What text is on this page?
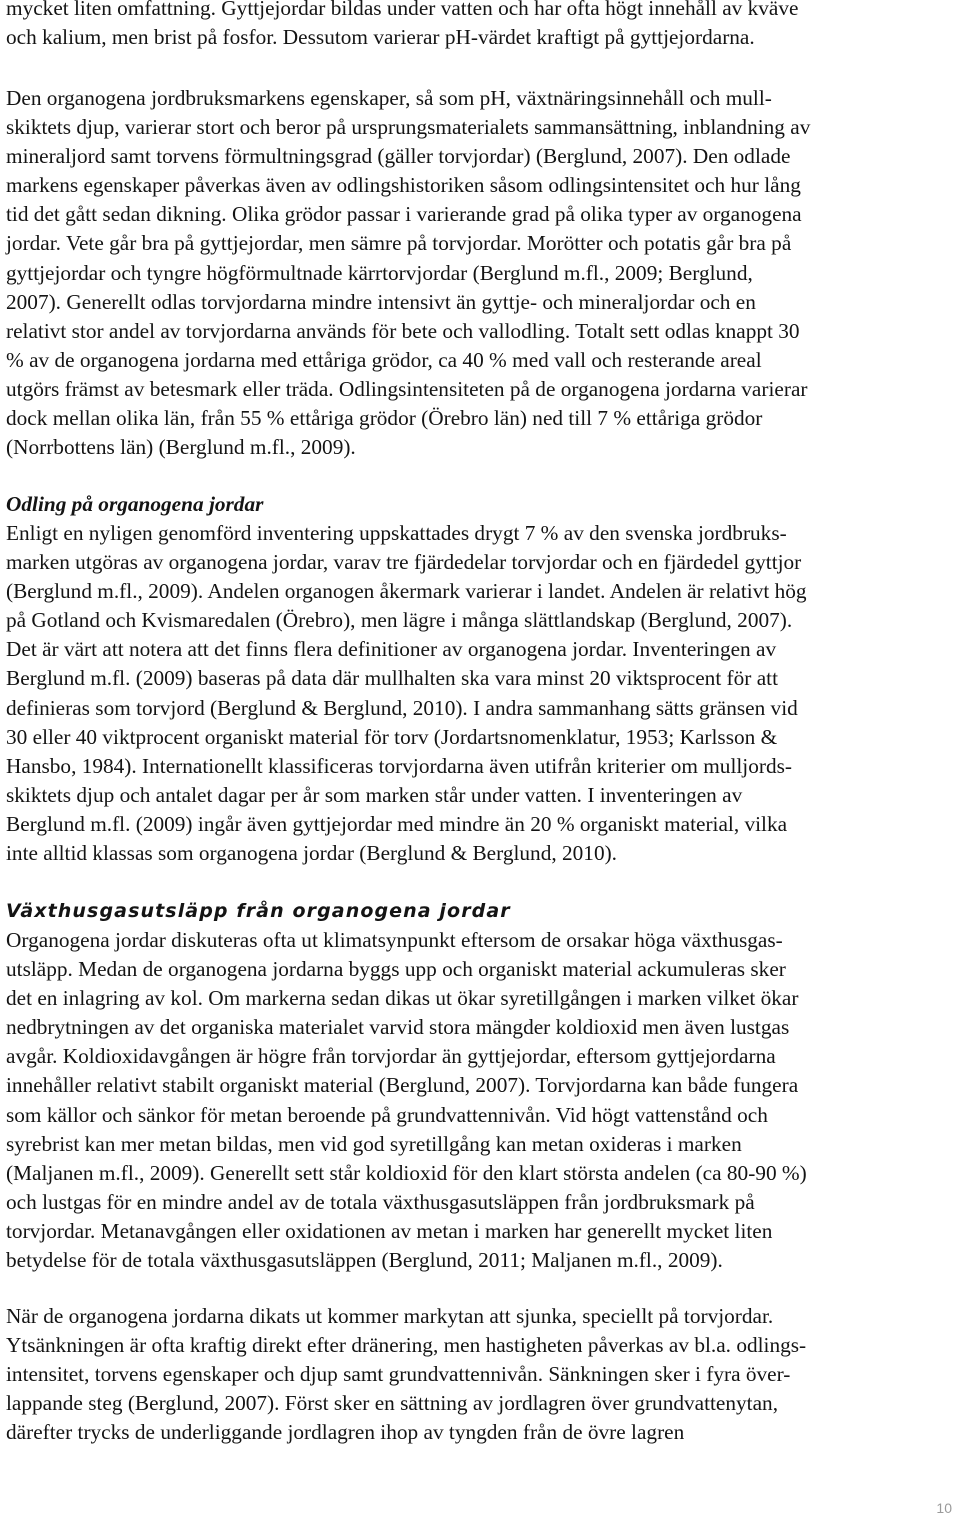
mycket liten omfattning. Gyttjejordar bildas under vatten och har ofta högt innehåll av kväve
och kalium, men brist på fosfor. Dessutom varierar pH-värdet kraftigt på gyttjejordarna.
Den organogena jordbruksmarkens egenskaper, så som pH, växtnäringsinnehåll och mull-
skiktets djup, varierar stort och beror på ursprungsmaterialets sammansättning, inblandning av
mineraljord samt torvens förmultningsgrad (gäller torvjordar) (Berglund, 2007). Den odlade
markens egenskaper påverkas även av odlingshistoriken såsom odlingsintensitet och hur lång
tid det gått sedan dikning. Olika grödor passar i varierande grad på olika typer av organogena
jordar. Vete går bra på gyttjejordar, men sämre på torvjordar. Morötter och potatis går bra på
gyttjejordar och tyngre högförmultnade kärrtorvjordar (Berglund m.fl., 2009; Berglund,
2007). Generellt odlas torvjordarna mindre intensivt än gyttje- och mineraljordar och en
relativt stor andel av torvjordarna används för bete och vallodling. Totalt sett odlas knappt 30
% av de organogena jordarna med ettåriga grödor, ca 40 % med vall och resterande areal
utgörs främst av betesmark eller träda. Odlingsintensiteten på de organogena jordarna varierar
dock mellan olika län, från 55 % ettåriga grödor (Örebro län) ned till 7 % ettåriga grödor
(Norrbottens län) (Berglund m.fl., 2009).
Odling på organogena jordar
Enligt en nyligen genomförd inventering uppskattades drygt 7 % av den svenska jordbruks-
marken utgöras av organogena jordar, varav tre fjärdedelar torvjordar och en fjärdedel gyttjor
(Berglund m.fl., 2009). Andelen organogen åkermark varierar i landet. Andelen är relativt hög
på Gotland och Kvismaredalen (Örebro), men lägre i många slättlandskap (Berglund, 2007).
Det är värt att notera att det finns flera definitioner av organogena jordar. Inventeringen av
Berglund m.fl. (2009) baseras på data där mullhalten ska vara minst 20 viktsprocent för att
definieras som torvjord (Berglund & Berglund, 2010). I andra sammanhang sätts gränsen vid
30 eller 40 viktprocent organiskt material för torv (Jordartsnomenklatur, 1953; Karlsson &
Hansbo, 1984). Internationellt klassificeras torvjordarna även utifrån kriterier om mulljords-
skiktets djup och antalet dagar per år som marken står under vatten. I inventeringen av
Berglund m.fl. (2009) ingår även gyttjejordar med mindre än 20 % organiskt material, vilka
inte alltid klassas som organogena jordar (Berglund & Berglund, 2010).
Växthusgasutsläpp från organogena jordar
Organogena jordar diskuteras ofta ut klimatsynpunkt eftersom de orsakar höga växthusgas-
utsläpp. Medan de organogena jordarna byggs upp och organiskt material ackumuleras sker
det en inlagring av kol. Om markerna sedan dikas ut ökar syretillgången i marken vilket ökar
nedbrytningen av det organiska materialet varvid stora mängder koldioxid men även lustgas
avgår. Koldioxidavgången är högre från torvjordar än gyttjejordar, eftersom gyttjejordarna
innehåller relativt stabilt organiskt material (Berglund, 2007). Torvjordarna kan både fungera
som källor och sänkor för metan beroende på grundvattennivån. Vid högt vattenstånd och
syrebrist kan mer metan bildas, men vid god syretillgång kan metan oxideras i marken
(Maljanen m.fl., 2009). Generellt sett står koldioxid för den klart största andelen (ca 80-90 %)
och lustgas för en mindre andel av de totala växthusgasutsläppen från jordbruksmark på
torvjordar. Metanavgången eller oxidationen av metan i marken har generellt mycket liten
betydelse för de totala växthusgasutsläppen (Berglund, 2011; Maljanen m.fl., 2009).
När de organogena jordarna dikats ut kommer markytan att sjunka, speciellt på torvjordar.
Ytsänkningen är ofta kraftig direkt efter dränering, men hastigheten påverkas av bl.a. odlings-
intensitet, torvens egenskaper och djup samt grundvattennivån. Sänkningen sker i fyra över-
lappande steg (Berglund, 2007). Först sker en sättning av jordlagren över grundvattenytan,
därefter trycks de underliggande jordlagren ihop av tyngden från de övre lagren
10
